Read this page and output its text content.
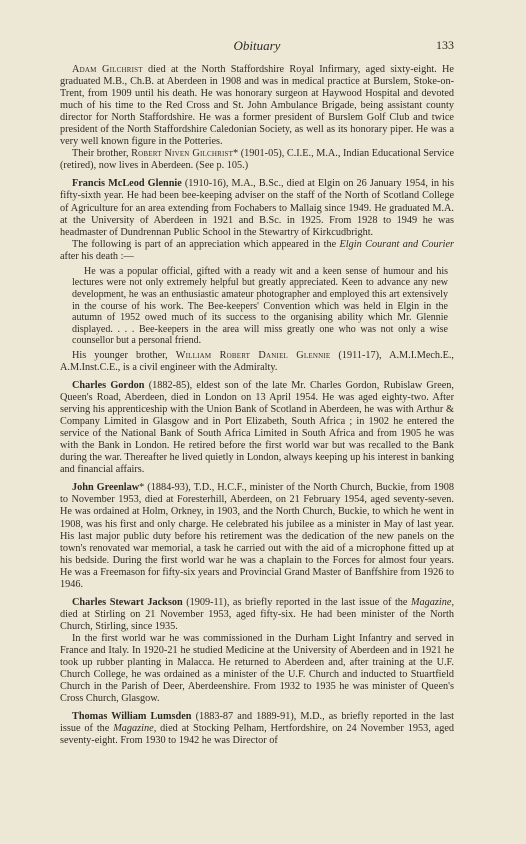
Obituary	133

Adam Gilchrist died at the North Staffordshire Royal Infirmary, aged sixty-eight. He graduated M.B., Ch.B. at Aberdeen in 1908 and was in medical practice at Burslem, Stoke-on-Trent, from 1909 until his death. He was honorary surgeon at Haywood Hospital and devoted much of his time to the Red Cross and St. John Ambulance Brigade, being assistant county director for North Staffordshire. He was a former president of Burslem Golf Club and twice president of the North Staffordshire Caledonian Society, as well as its honorary piper. He was a very well known figure in the Potteries.

Their brother, Robert Niven Gilchrist* (1901-05), C.I.E., M.A., Indian Educational Service (retired), now lives in Aberdeen. (See p. 105.)

Francis McLeod Glennie (1910-16), M.A., B.Sc., died at Elgin on 26 January 1954, in his fifty-sixth year. He had been bee-keeping adviser on the staff of the North of Scotland College of Agriculture for an area extending from Fochabers to Mallaig since 1949. He graduated M.A. at the University of Aberdeen in 1921 and B.Sc. in 1925. From 1928 to 1949 he was headmaster of Dundrennan Public School in the Stewartry of Kirkcudbright.

The following is part of an appreciation which appeared in the Elgin Courant and Courier after his death :—

He was a popular official, gifted with a ready wit and a keen sense of humour and his lectures were not only extremely helpful but greatly appreciated. Keen to advance any new development, he was an enthusiastic amateur photographer and employed this art extensively in the course of his work. The Bee-keepers' Convention which was held in Elgin in the autumn of 1952 owed much of its success to the organising ability which Mr. Glennie displayed. . . . Bee-keepers in the area will miss greatly one who was not only a wise counsellor but a personal friend.

His younger brother, William Robert Daniel Glennie (1911-17), A.M.I.Mech.E., A.M.Inst.C.E., is a civil engineer with the Admiralty.

Charles Gordon (1882-85), eldest son of the late Mr. Charles Gordon, Rubislaw Green, Queen's Road, Aberdeen, died in London on 13 April 1954. He was aged eighty-two. After serving his apprenticeship with the Union Bank of Scotland in Aberdeen, he was with Arthur & Company Limited in Glasgow and in Port Elizabeth, South Africa ; in 1902 he entered the service of the National Bank of South Africa Limited in South Africa and from 1905 he was with the Bank in London. He retired before the first world war but was recalled to the Bank during the war. Thereafter he lived quietly in London, always keeping up his interest in banking and financial affairs.

John Greenlaw* (1884-93), T.D., H.C.F., minister of the North Church, Buckie, from 1908 to November 1953, died at Foresterhill, Aberdeen, on 21 February 1954, aged seventy-seven. He was ordained at Holm, Orkney, in 1903, and the North Church, Buckie, to which he went in 1908, was his first and only charge. He celebrated his jubilee as a minister in May of last year. His last major public duty before his retirement was the dedication of the new panels on the town's renovated war memorial, a task he carried out with the aid of a microphone fitted up at his bedside. During the first world war he was a chaplain to the Forces for almost four years. He was a Freemason for fifty-six years and Provincial Grand Master of Banffshire from 1926 to 1946.

Charles Stewart Jackson (1909-11), as briefly reported in the last issue of the Magazine, died at Stirling on 21 November 1953, aged fifty-six. He had been minister of the North Church, Stirling, since 1935.

In the first world war he was commissioned in the Durham Light Infantry and served in France and Italy. In 1920-21 he studied Medicine at the University of Aberdeen and in 1921 he took up rubber planting in Malacca. He returned to Aberdeen and, after training at the U.F. Church College, he was ordained as a minister of the U.F. Church and inducted to Stuartfield Church in the Parish of Deer, Aberdeenshire. From 1932 to 1935 he was minister of Queen's Cross Church, Glasgow.

Thomas William Lumsden (1883-87 and 1889-91), M.D., as briefly reported in the last issue of the Magazine, died at Stocking Pelham, Hertfordshire, on 24 November 1953, aged seventy-eight. From 1930 to 1942 he was Director of
